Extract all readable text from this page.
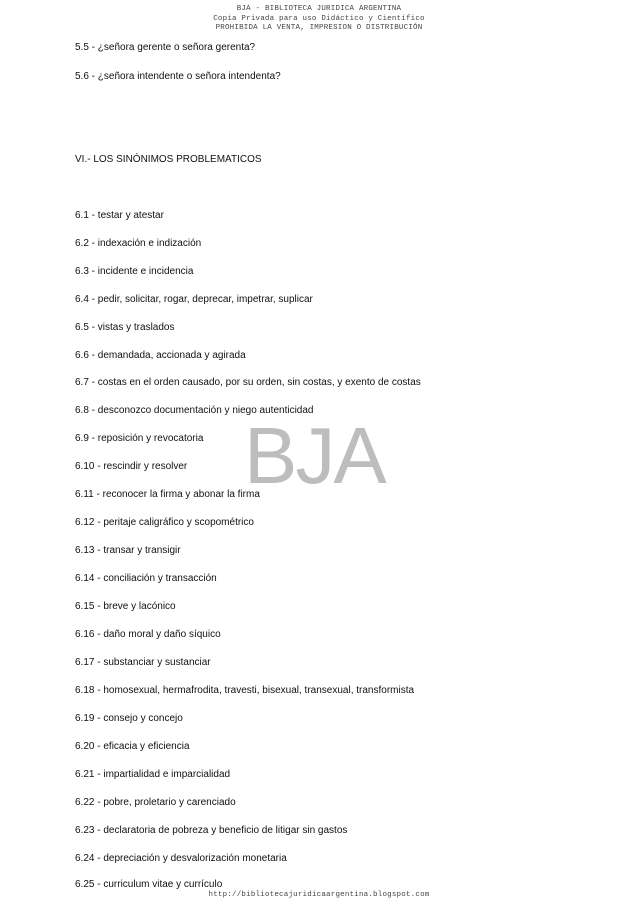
BJA - BIBLIOTECA JURIDICA ARGENTINA
Copia Privada para uso Didáctico y Científico
PROHIBIDA LA VENTA, IMPRESION O DISTRIBUCIÓN
BJA
5.5 - ¿señora gerente o señora gerenta?
5.6 - ¿señora intendente o señora intendenta?
VI.- LOS SINÓNIMOS PROBLEMATICOS
6.1 - testar y atestar
6.2 - indexación e indización
6.3 - incidente e incidencia
6.4 - pedir, solicitar, rogar, deprecar, impetrar, suplicar
6.5 - vistas y traslados
6.6 - demandada, accionada y agirada
6.7 - costas en el orden causado, por su orden, sin costas, y exento de costas
6.8 - desconozco documentación y niego autenticidad
6.9 - reposición y revocatoria
6.10 - rescindir y resolver
6.11 - reconocer la firma y abonar la firma
6.12 - peritaje caligráfico y scopométrico
6.13 - transar y transigir
6.14 - conciliación y transacción
6.15 - breve y lacónico
6.16 - daño moral y daño síquico
6.17 - substanciar y sustanciar
6.18 - homosexual, hermafrodita, travesti, bisexual, transexual, transformista
6.19 - consejo y concejo
6.20 - eficacia y eficiencia
6.21 - impartialidad e imparcialidad
6.22 - pobre, proletario y carenciado
6.23 - declaratoria de pobreza y beneficio de litigar sin gastos
6.24 - depreciación y desvalorización monetaria
6.25 - curriculum vitae y currículo
http://bibliotecajuridicaargentina.blogspot.com
